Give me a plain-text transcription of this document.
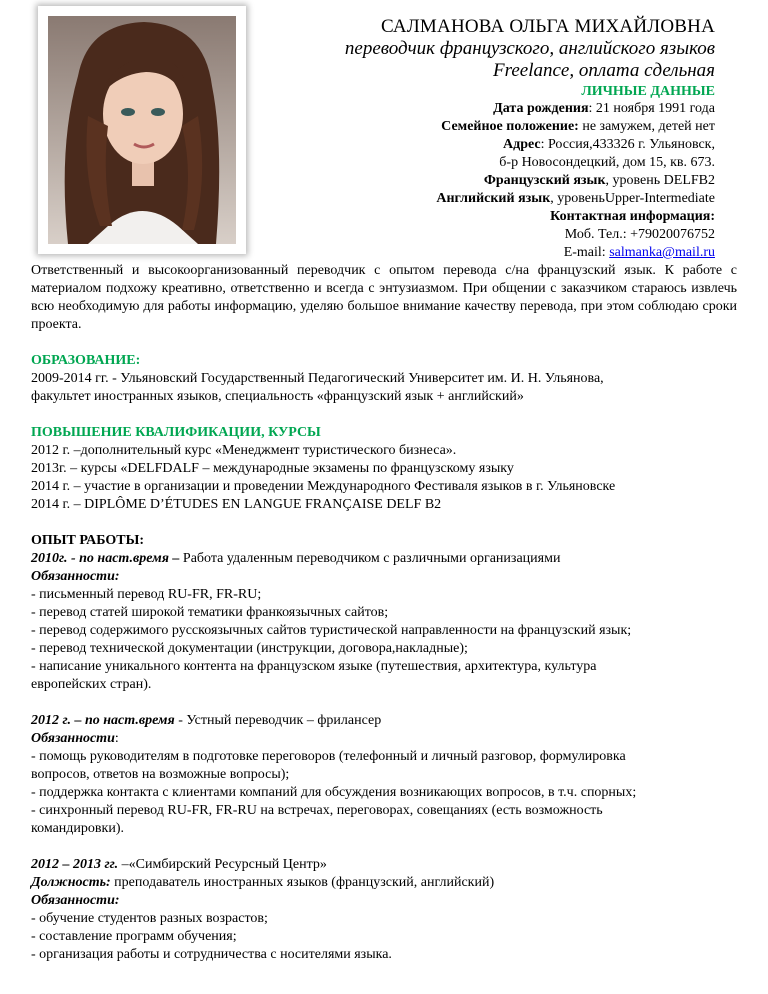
САЛМАНОВА ОЛЬГА МИХАЙЛОВНА
переводчик французского, английского языков
Freelance, оплата сдельная
ЛИЧНЫЕ ДАННЫЕ
Дата рождения: 21 ноября 1991 года
Семейное положение: не замужем, детей нет
Адрес: Россия,433326 г. Ульяновск,
б-р Новосондецкий, дом 15, кв. 673.
Французский язык, уровень DELFB2
Английский язык, уровеньUpper-Intermediate
Контактная информация:
Моб. Тел.: +79020076752
E-mail: salmanka@mail.ru

Ответственный и высокоорганизованный переводчик с опытом перевода с/на французский язык. К работе с материалом подхожу креативно, ответственно и всегда с энтузиазмом. При общении с заказчиком стараюсь извлечь всю необходимую для работы информацию, уделяю большое внимание качеству перевода, при этом соблюдаю сроки проекта.

ОБРАЗОВАНИЕ:

2009-2014 гг. - Ульяновский Государственный Педагогический Университет им. И. Н. Ульянова,

факультет иностранных языков, специальность «французский язык + английский»

ПОВЫШЕНИЕ КВАЛИФИКАЦИИ, КУРСЫ

2012 г. –дополнительный курс «Менеджмент туристического бизнеса».

2013г. – курсы «DELFDALF – международные экзамены по французскому языку

2014 г. – участие в организации и проведении Международного Фестиваля языков в г. Ульяновске

2014 г. – DIPLÔME D’ÉTUDES EN LANGUE FRANÇAISE DELF B2

ОПЫТ РАБОТЫ:

2010г. - по наст.время – Работа удаленным переводчиком с различными организациями

Обязанности:

- письменный перевод RU-FR, FR-RU;

- перевод статей широкой тематики франкоязычных сайтов;

- перевод содержимого русскоязычных сайтов туристической направленности на французский язык;

- перевод технической документации (инструкции, договора,накладные);

- написание уникального контента на французском языке (путешествия, архитектура, культура

европейских стран).

2012 г. – по наст.время - Устный переводчик – фрилансер

Обязанности:

- помощь руководителям в подготовке переговоров (телефонный и личный разговор, формулировка

вопросов, ответов на возможные вопросы);

- поддержка контакта с клиентами компаний для обсуждения возникающих вопросов, в т.ч. спорных;

- синхронный перевод RU-FR, FR-RU на встречах, переговорах, совещаниях (есть возможность

командировки).

2012 – 2013 гг. –«Симбирский Ресурсный Центр»

Должность: преподаватель иностранных языков (французский, английский)

Обязанности:

- обучение студентов разных возрастов;

- составление программ обучения;

- организация работы и сотрудничества с носителями языка.
